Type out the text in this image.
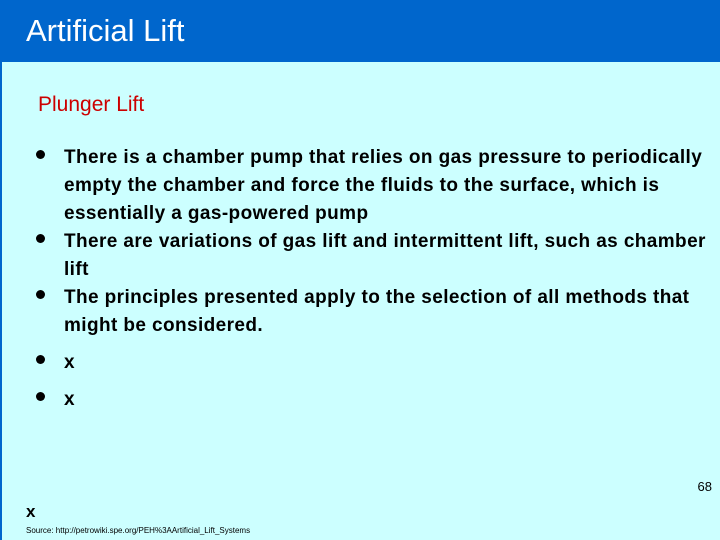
Artificial Lift
Plunger Lift
There is a chamber pump that relies on gas pressure to periodically empty the chamber and force the fluids to the surface, which is essentially a gas-powered pump
There are variations of gas lift and intermittent lift, such as chamber lift
The principles presented apply to the selection of all methods that might be considered.
x
x
x
Source: http://petrowiki.spe.org/PEH%3AArtificial_Lift_Systems
68
